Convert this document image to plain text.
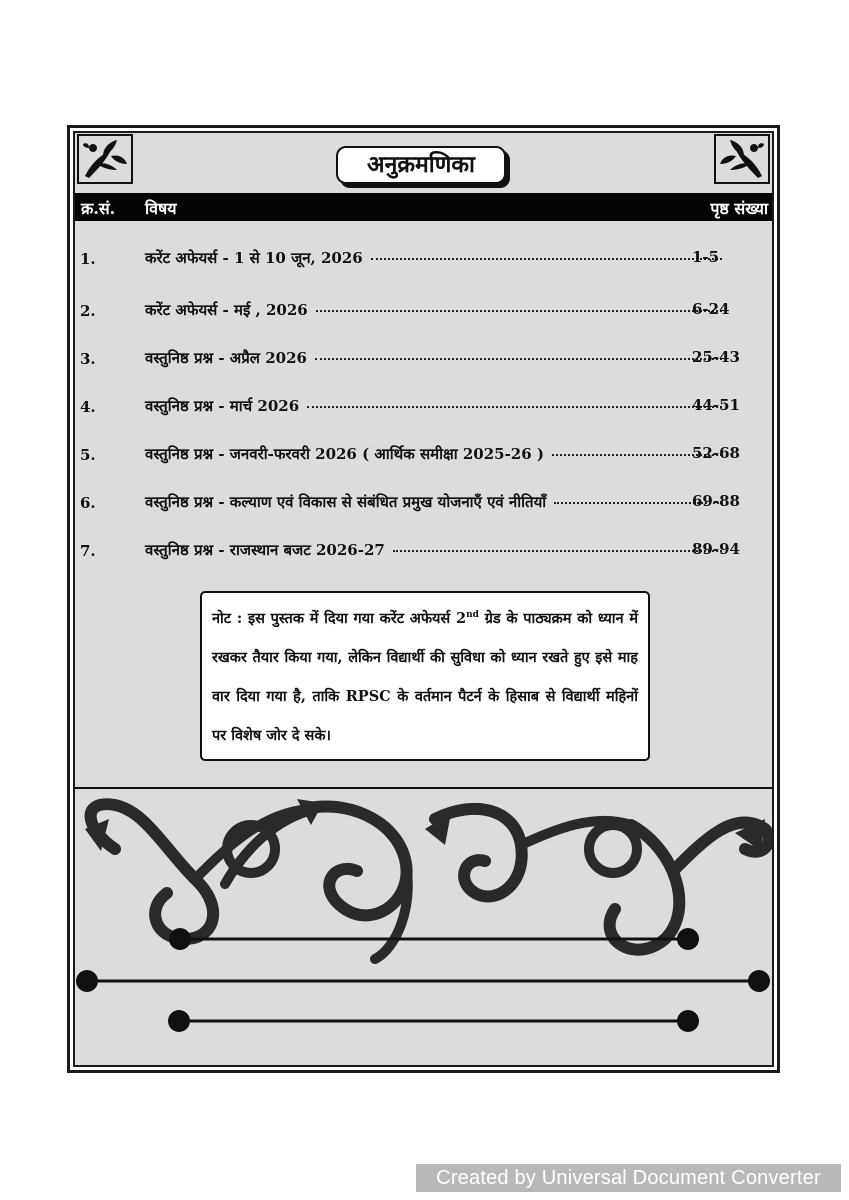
अनुक्रमणिका
क्र.सं. विषय	पृष्ठ संख्या
1.	करेंट अफेयर्स - 1 से 10 जून, 2026	1-5
2.	करेंट अफेयर्स - मई , 2026	6-24
3.	वस्तुनिष्ठ प्रश्न - अप्रैल 2026	25-43
4.	वस्तुनिष्ठ प्रश्न - मार्च 2026	44-51
5.	वस्तुनिष्ठ प्रश्न - जनवरी-फरवरी 2026 ( आर्थिक समीक्षा 2025-26 )	52-68
6.	वस्तुनिष्ठ प्रश्न - कल्याण एवं विकास से संबंधित प्रमुख योजनाएँ एवं नीतियाँ	69-88
7.	वस्तुनिष्ठ प्रश्न - राजस्थान बजट 2026-27	89-94
नोट : इस पुस्तक में दिया गया करेंट अफेयर्स 2nd ग्रेड के पाठ्यक्रम को ध्यान में रखकर तैयार किया गया, लेकिन विद्यार्थी की सुविधा को ध्यान रखते हुए इसे माह वार दिया गया है, ताकि RPSC के वर्तमान पैटर्न के हिसाब से विद्यार्थी महिनों पर विशेष जोर दे सके।
Created by Universal Document Converter
